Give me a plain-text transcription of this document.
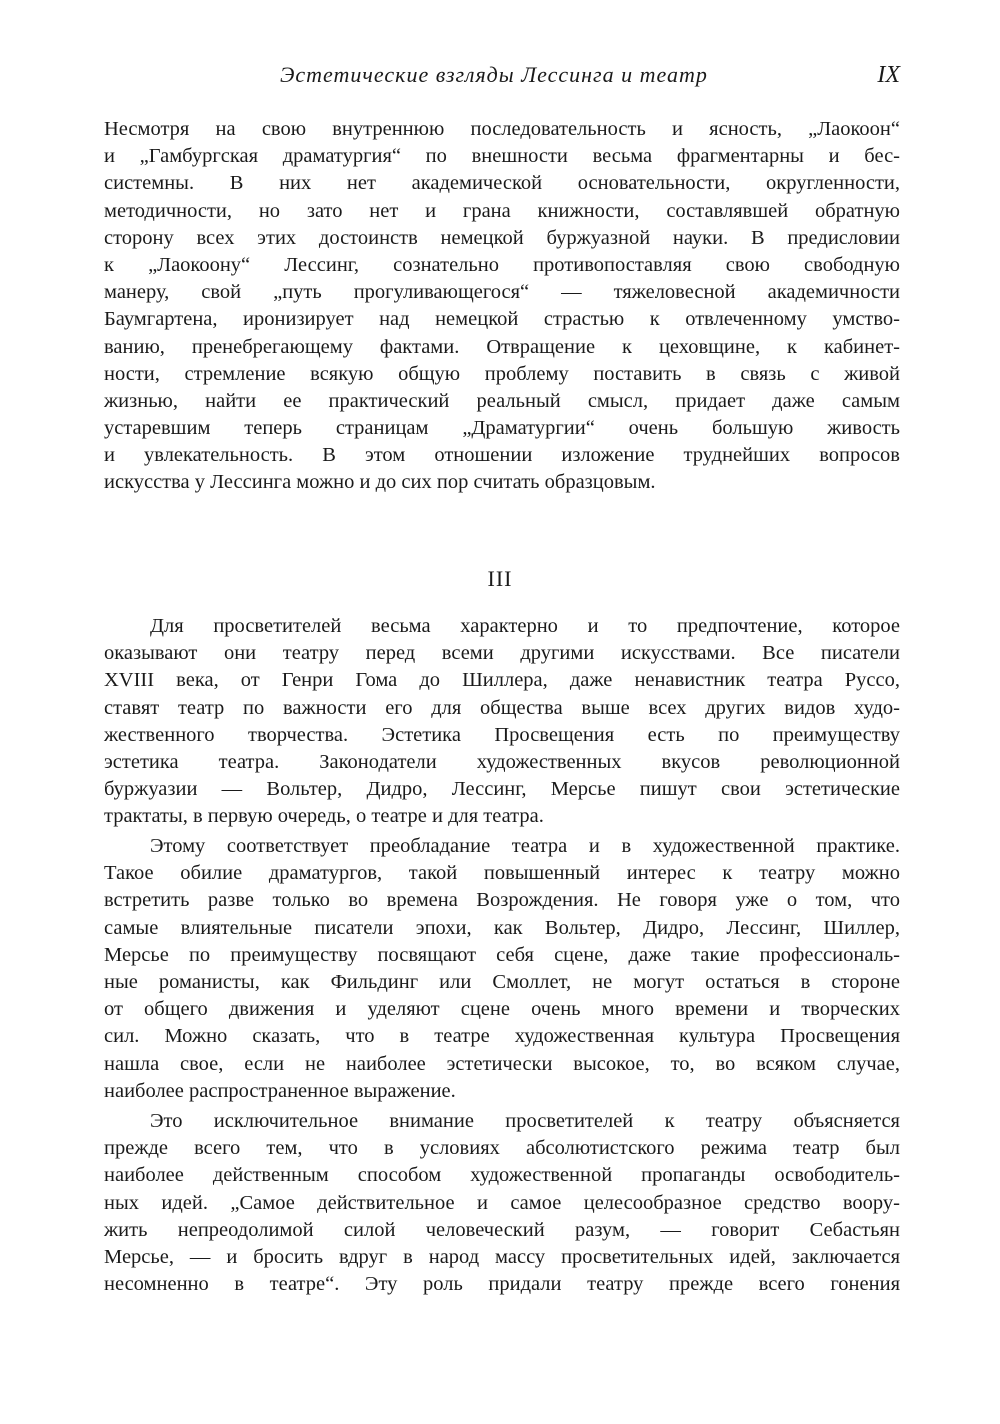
Эстетические взгляды Лессинга и театр	IX
Несмотря на свою внутреннюю последовательность и ясность, „Лаокоон“
и „Гамбургская драматургия“ по внешности весьма фрагментарны и бес-
системны. В них нет академической основательности, округленности,
методичности, но зато нет и грана книжности, составлявшей обратную
сторону всех этих достоинств немецкой буржуазной науки. В предисловии
к „Лаокоону“ Лессинг, сознательно противопоставляя свою свободную
манеру, свой „путь прогуливающегося“ — тяжеловесной академичности
Баумгартена, иронизирует над немецкой страстью к отвлеченному умство-
ванию, пренебрегающему фактами. Отвращение к цеховщине, к кабинет-
ности, стремление всякую общую проблему поставить в связь с живой
жизнью, найти ее практический реальный смысл, придает даже самым
устаревшим теперь страницам „Драматургии“ очень большую живость
и увлекательность. В этом отношении изложение труднейших вопросов
искусства у Лессинга можно и до сих пор считать образцовым.
III
Для просветителей весьма характерно и то предпочтение, которое
оказывают они театру перед всеми другими искусствами. Все писатели
XVIII века, от Генри Гома до Шиллера, даже ненавистник театра Руссо,
ставят театр по важности его для общества выше всех других видов худо-
жественного творчества. Эстетика Просвещения есть по преимуществу
эстетика театра. Законодатели художественных вкусов революционной
буржуазии — Вольтер, Дидро, Лессинг, Мерсье пишут свои эстетические
трактаты, в первую очередь, о театре и для театра.
Этому соответствует преобладание театра и в художественной практике.
Такое обилие драматургов, такой повышенный интерес к театру можно
встретить разве только во времена Возрождения. Не говоря уже о том, что
самые влиятельные писатели эпохи, как Вольтер, Дидро, Лессинг, Шиллер,
Мерсье по преимуществу посвящают себя сцене, даже такие профессиональ-
ные романисты, как Фильдинг или Смоллет, не могут остаться в стороне
от общего движения и уделяют сцене очень много времени и творческих
сил. Можно сказать, что в театре художественная культура Просвещения
нашла свое, если не наиболее эстетически высокое, то, во всяком случае,
наиболее распространенное выражение.
Это исключительное внимание просветителей к театру объясняется
прежде всего тем, что в условиях абсолютистского режима театр был
наиболее действенным способом художественной пропаганды освободитель-
ных идей. „Самое действительное и самое целесообразное средство воору-
жить непреодолимой силой человеческий разум, — говорит Себастьян
Мерсье, — и бросить вдруг в народ массу просветительных идей, заключается
несомненно в театре“. Эту роль придали театру прежде всего гонения
